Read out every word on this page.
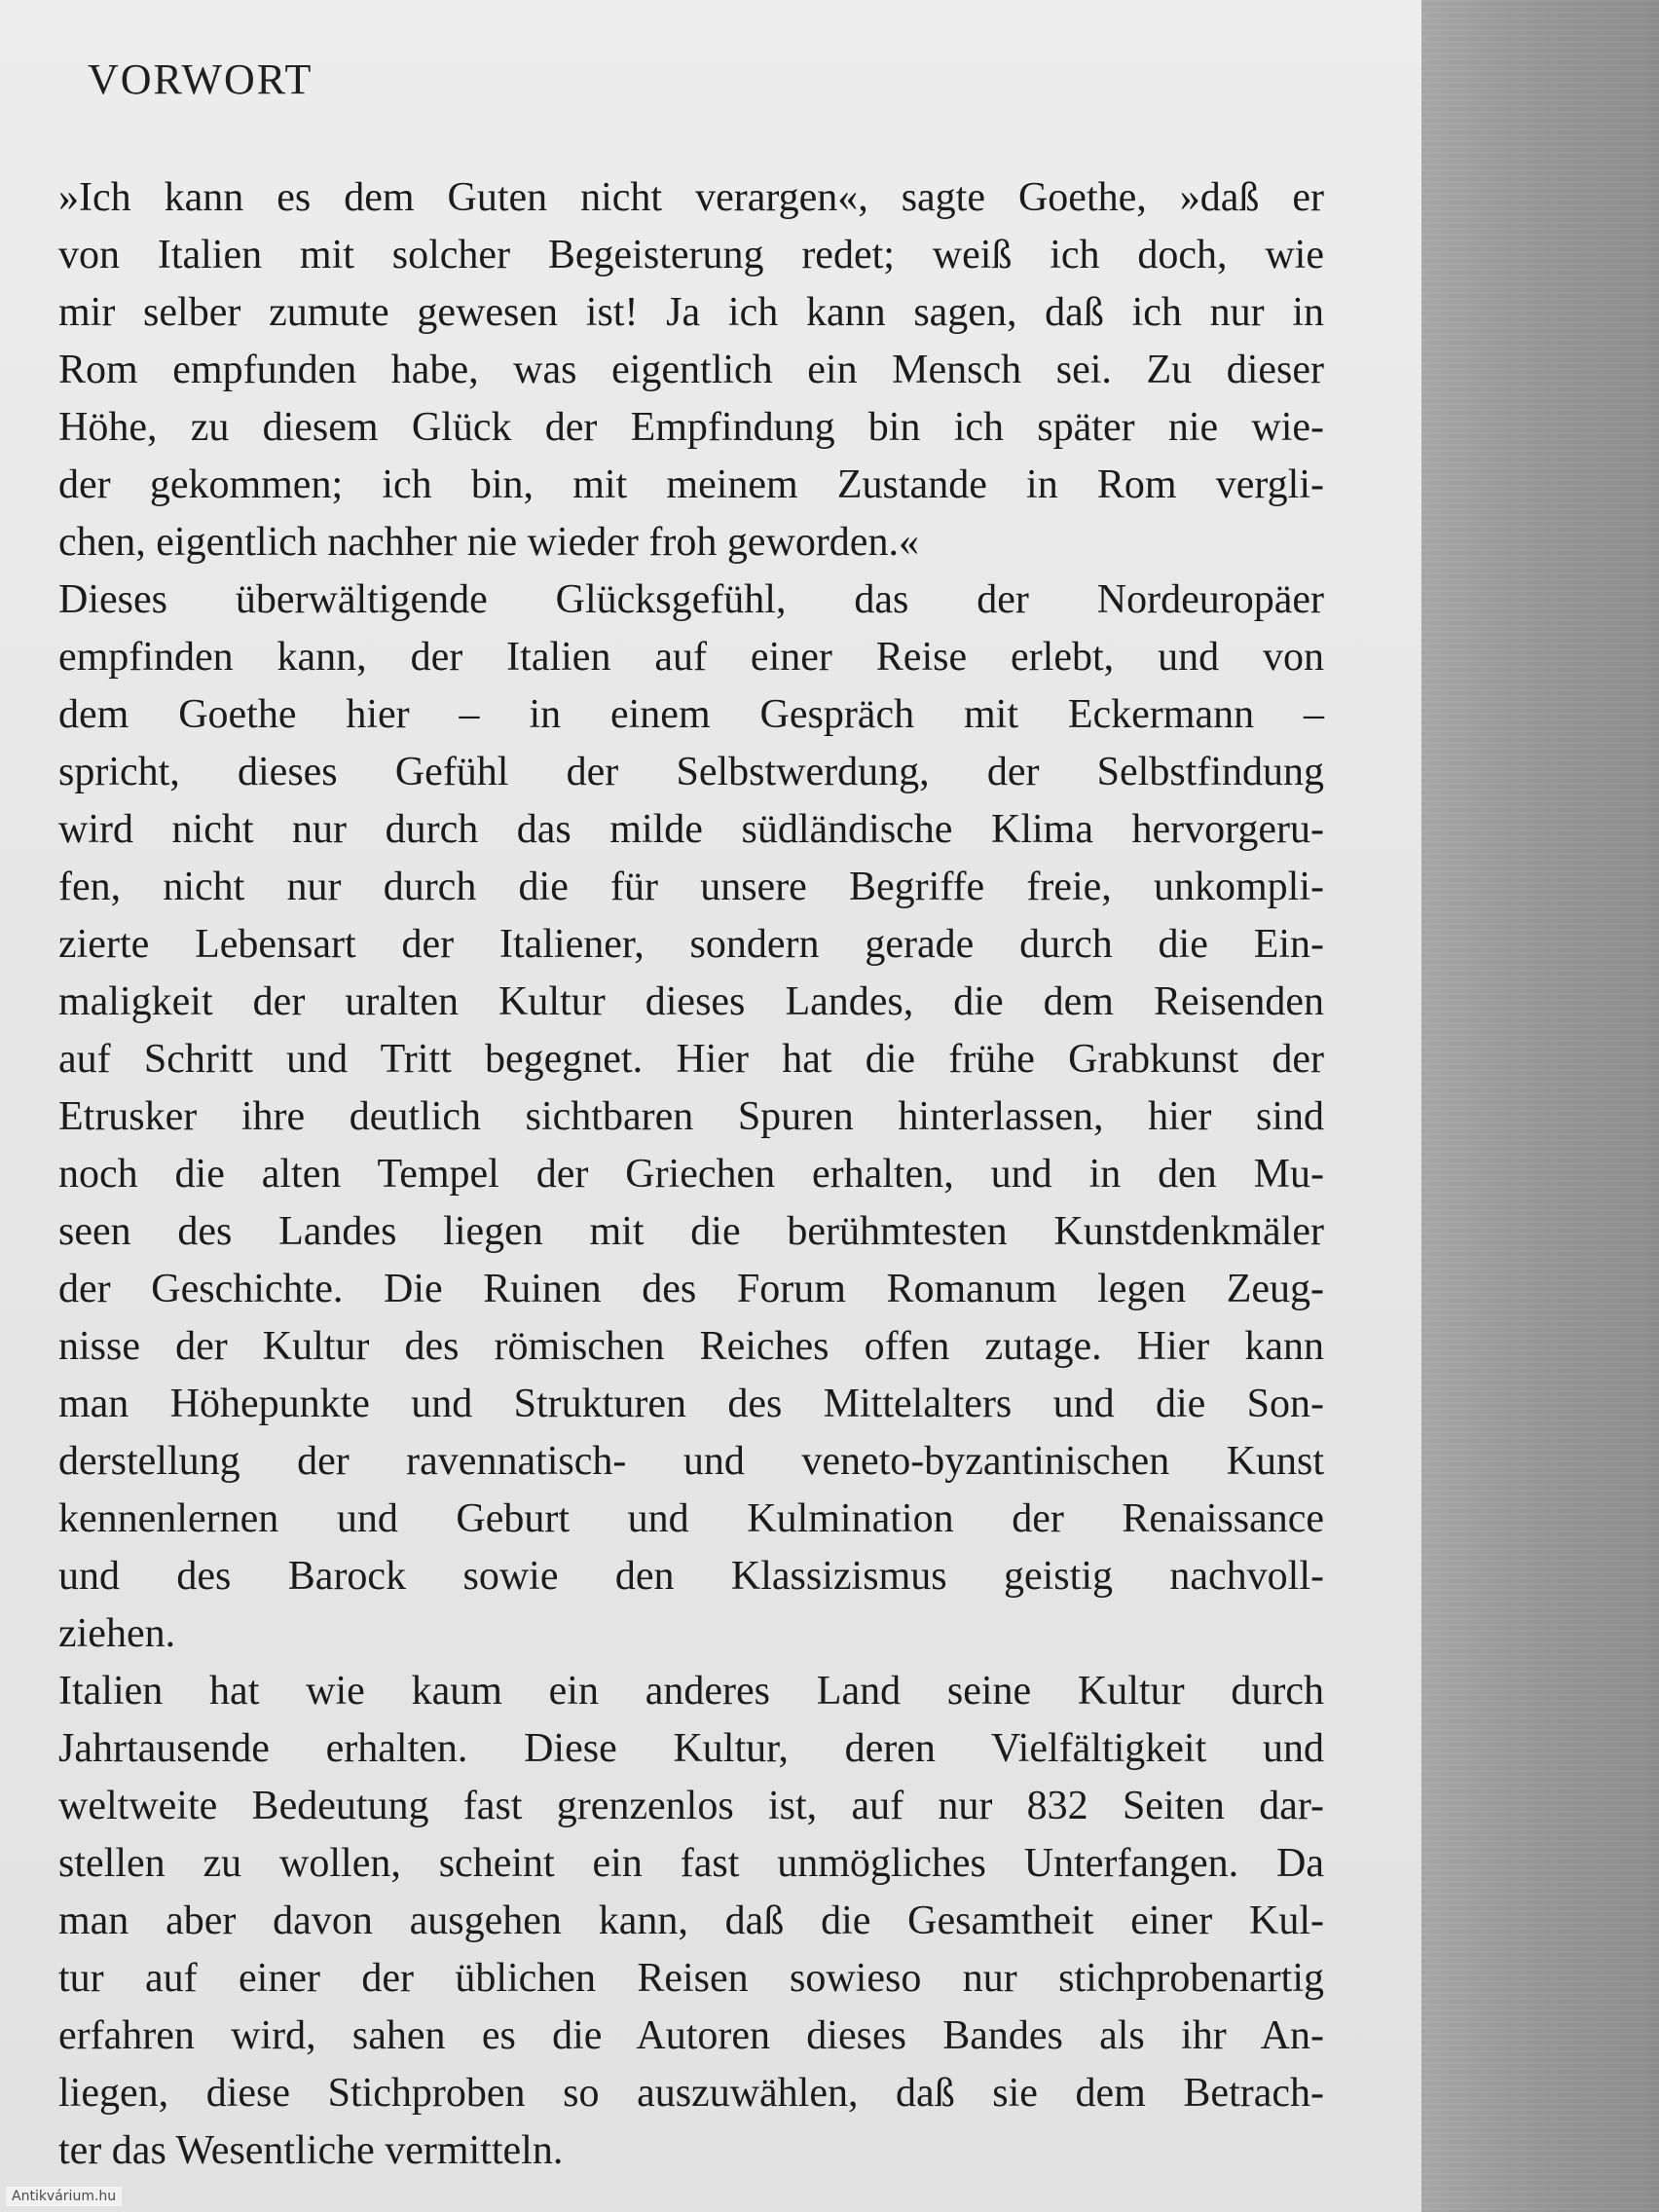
VORWORT
»Ich kann es dem Guten nicht verargen«, sagte Goethe, »daß er
von Italien mit solcher Begeisterung redet; weiß ich doch, wie
mir selber zumute gewesen ist! Ja ich kann sagen, daß ich nur in
Rom empfunden habe, was eigentlich ein Mensch sei. Zu dieser
Höhe, zu diesem Glück der Empfindung bin ich später nie wie-
der gekommen; ich bin, mit meinem Zustande in Rom vergli-
chen, eigentlich nachher nie wieder froh geworden.«
Dieses überwältigende Glücksgefühl, das der Nordeuropäer
empfinden kann, der Italien auf einer Reise erlebt, und von
dem Goethe hier – in einem Gespräch mit Eckermann –
spricht, dieses Gefühl der Selbstwerdung, der Selbstfindung
wird nicht nur durch das milde südländische Klima hervorgeru-
fen, nicht nur durch die für unsere Begriffe freie, unkompli-
zierte Lebensart der Italiener, sondern gerade durch die Ein-
maligkeit der uralten Kultur dieses Landes, die dem Reisenden
auf Schritt und Tritt begegnet. Hier hat die frühe Grabkunst der
Etrusker ihre deutlich sichtbaren Spuren hinterlassen, hier sind
noch die alten Tempel der Griechen erhalten, und in den Mu-
seen des Landes liegen mit die berühmtesten Kunstdenkmäler
der Geschichte. Die Ruinen des Forum Romanum legen Zeug-
nisse der Kultur des römischen Reiches offen zutage. Hier kann
man Höhepunkte und Strukturen des Mittelalters und die Son-
derstellung der ravennatisch- und veneto-byzantinischen Kunst
kennenlernen und Geburt und Kulmination der Renaissance
und des Barock sowie den Klassizismus geistig nachvoll-
ziehen.
Italien hat wie kaum ein anderes Land seine Kultur durch
Jahrtausende erhalten. Diese Kultur, deren Vielfältigkeit und
weltweite Bedeutung fast grenzenlos ist, auf nur 832 Seiten dar-
stellen zu wollen, scheint ein fast unmögliches Unterfangen. Da
man aber davon ausgehen kann, daß die Gesamtheit einer Kul-
tur auf einer der üblichen Reisen sowieso nur stichprobenartig
erfahren wird, sahen es die Autoren dieses Bandes als ihr An-
liegen, diese Stichproben so auszuwählen, daß sie dem Betrach-
ter das Wesentliche vermitteln.
Antikvárium.hu
